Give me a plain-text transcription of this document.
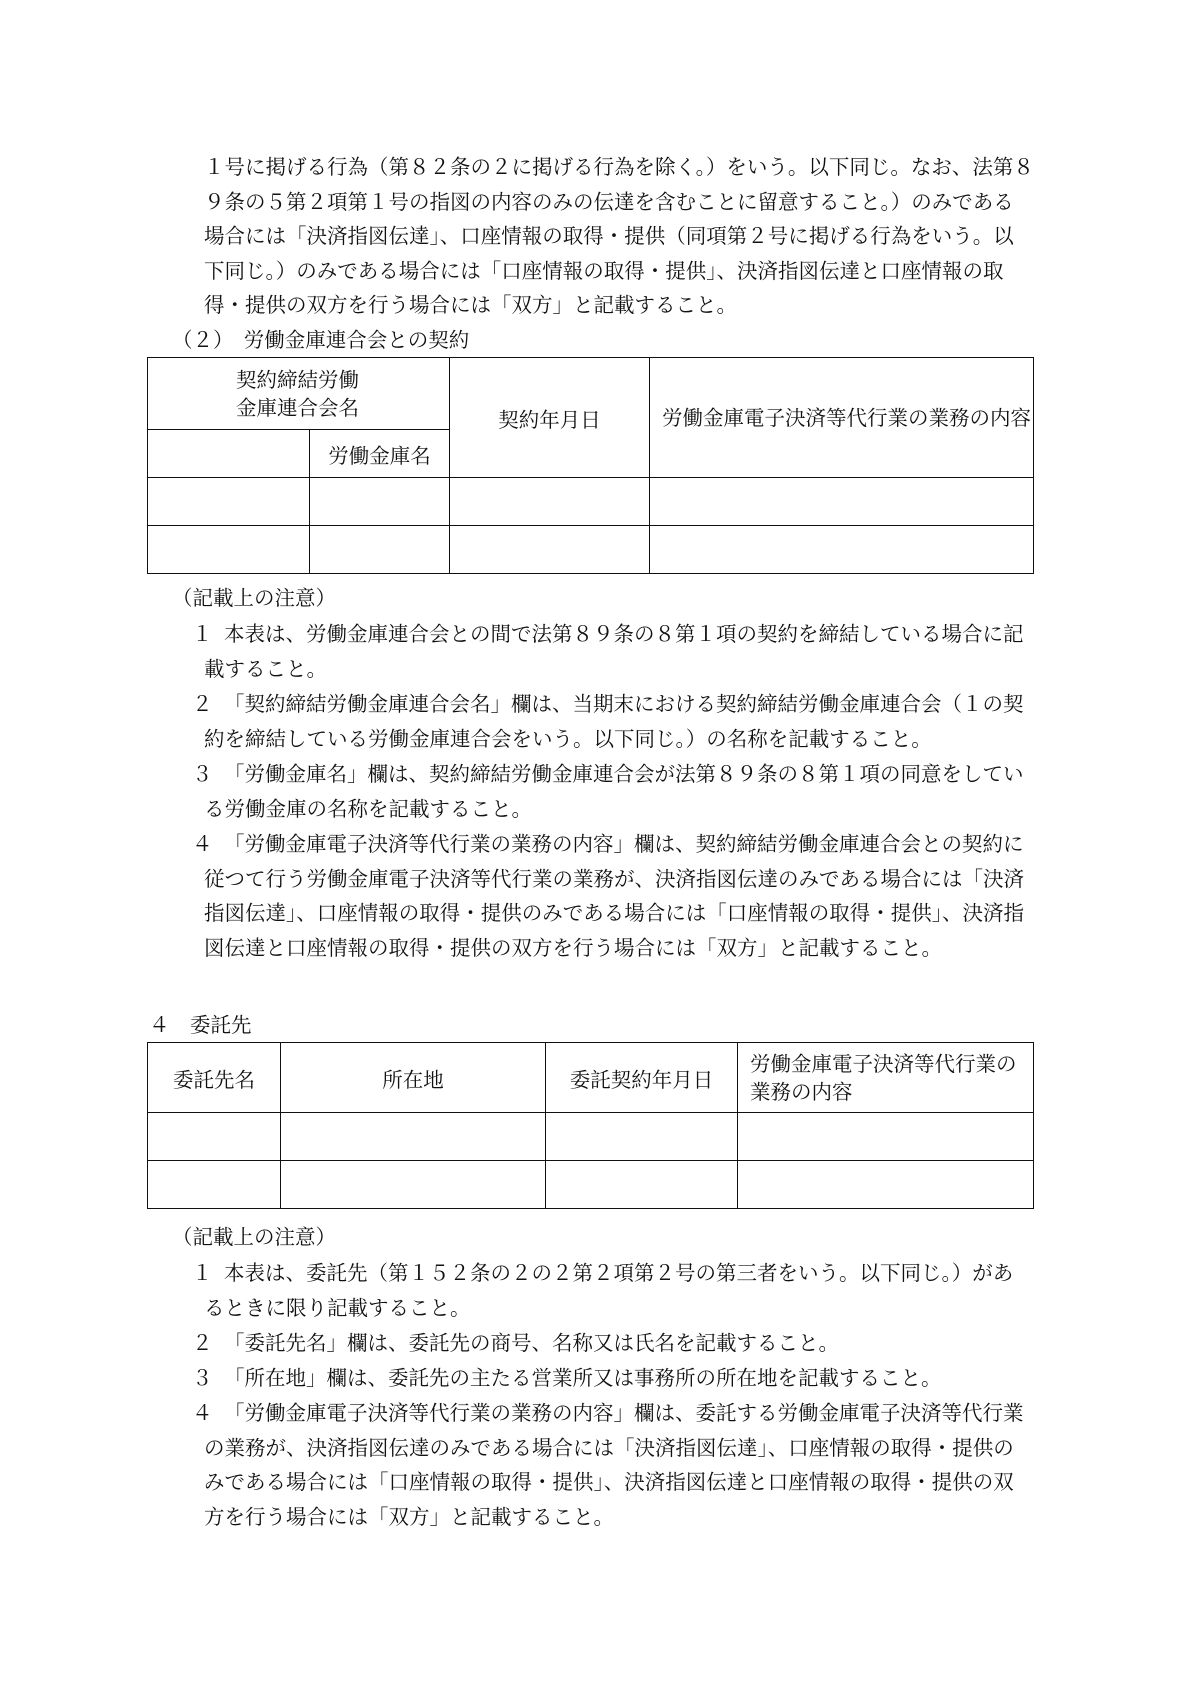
１号に掲げる行為（第８２条の２に掲げる行為を除く。）をいう。以下同じ。なお、法第８９条の５第２項第１号の指図の内容のみの伝達を含むことに留意すること。）のみである場合には「決済指図伝達」、口座情報の取得・提供（同項第２号に掲げる行為をいう。以下同じ。）のみである場合には「口座情報の取得・提供」、決済指図伝達と口座情報の取得・提供の双方を行う場合には「双方」と記載すること。

（２）　労働金庫連合会との契約

契約締結労働
金庫連合会名		契約年月日	労働金庫電子決済等代行業の業務の内容
	労働金庫名		

（記載上の注意）

１ 本表は、労働金庫連合会との間で法第８９条の８第１項の契約を締結している場合に記載すること。
２ 「契約締結労働金庫連合会名」欄は、当期末における契約締結労働金庫連合会（１の契約を締結している労働金庫連合会をいう。以下同じ。）の名称を記載すること。
３ 「労働金庫名」欄は、契約締結労働金庫連合会が法第８９条の８第１項の同意をしている労働金庫の名称を記載すること。
４ 「労働金庫電子決済等代行業の業務の内容」欄は、契約締結労働金庫連合会との契約に従つて行う労働金庫電子決済等代行業の業務が、決済指図伝達のみである場合には「決済指図伝達」、口座情報の取得・提供のみである場合には「口座情報の取得・提供」、決済指図伝達と口座情報の取得・提供の双方を行う場合には「双方」と記載すること。

４　委託先

委託先名	所在地	委託契約年月日	労働金庫電子決済等代行業の業務の内容

（記載上の注意）

１ 本表は、委託先（第１５２条の２の２第２項第２号の第三者をいう。以下同じ。）があるときに限り記載すること。
２ 「委託先名」欄は、委託先の商号、名称又は氏名を記載すること。
３ 「所在地」欄は、委託先の主たる営業所又は事務所の所在地を記載すること。
４ 「労働金庫電子決済等代行業の業務の内容」欄は、委託する労働金庫電子決済等代行業の業務が、決済指図伝達のみである場合には「決済指図伝達」、口座情報の取得・提供のみである場合には「口座情報の取得・提供」、決済指図伝達と口座情報の取得・提供の双方を行う場合には「双方」と記載すること。
